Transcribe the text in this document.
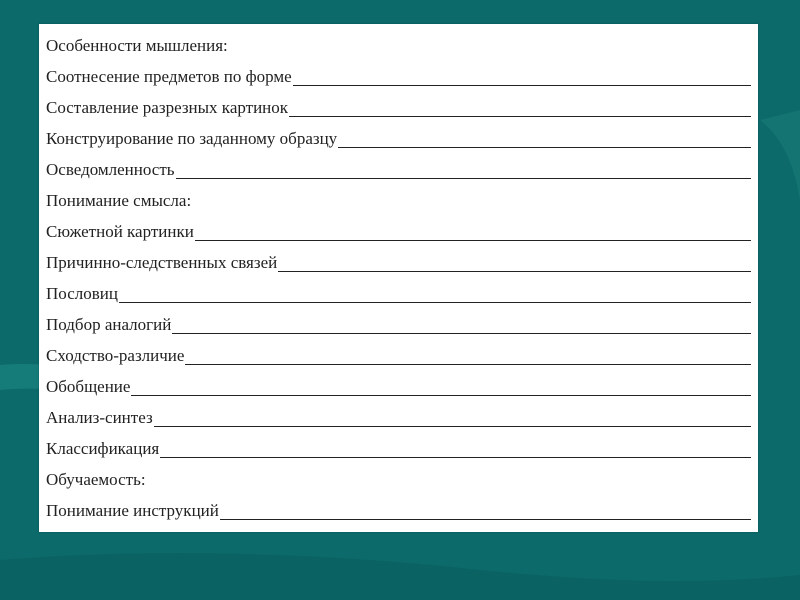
Особенности мышления:
Соотнесение предметов по форме
Составление разрезных картинок
Конструирование по заданному образцу
Осведомленность
Понимание смысла:
Сюжетной картинки
Причинно-следственных связей
Пословиц
Подбор аналогий
Сходство-различие
Обобщение
Анализ-синтез
Классификация
Обучаемость:
Понимание инструкций
